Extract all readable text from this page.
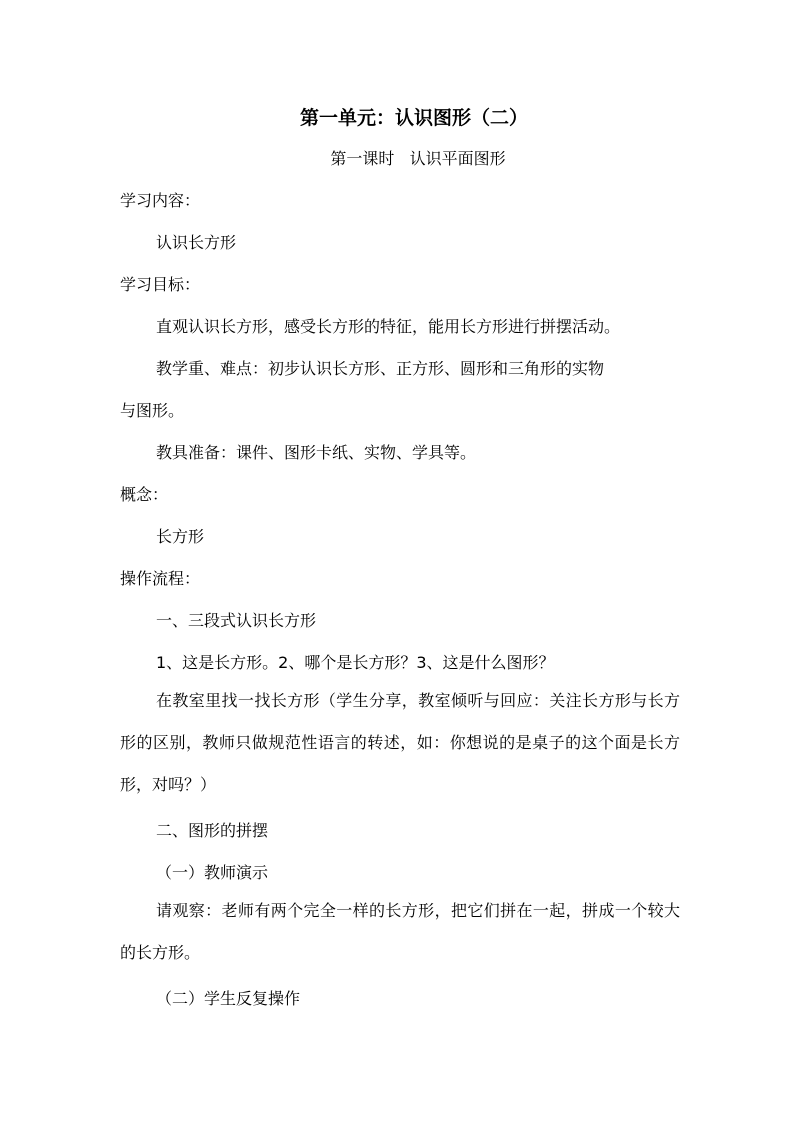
第一单元：认识图形（二）
第一课时   认识平面图形
学习内容：
认识长方形
学习目标：
直观认识长方形，感受长方形的特征，能用长方形进行拼摆活动。
教学重、难点：初步认识长方形、正方形、圆形和三角形的实物
与图形。
教具准备：课件、图形卡纸、实物、学具等。
概念：
长方形
操作流程：
一、三段式认识长方形
1、这是长方形。2、哪个是长方形？3、这是什么图形？
在教室里找一找长方形（学生分享，教室倾听与回应：关注长方形与长方形的区别，教师只做规范性语言的转述，如：你想说的是桌子的这个面是长方形，对吗？）
二、图形的拼摆
（一）教师演示
请观察：老师有两个完全一样的长方形，把它们拼在一起，拼成一个较大的长方形。
（二）学生反复操作
